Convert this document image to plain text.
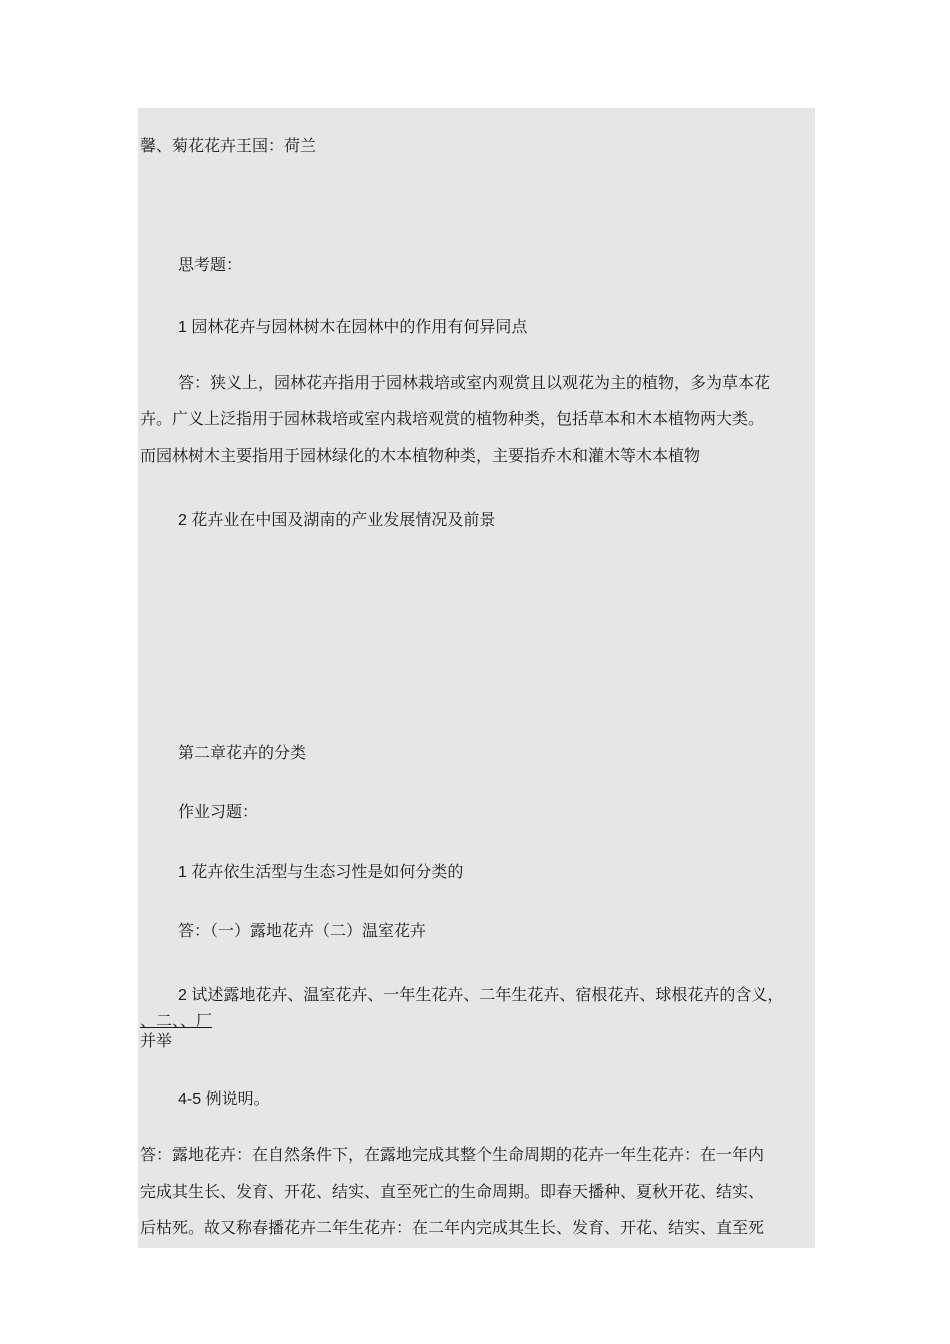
馨、菊花花卉王国：荷兰
思考题：
1 园林花卉与园林树木在园林中的作用有何异同点
答：狭义上，园林花卉指用于园林栽培或室内观赏且以观花为主的植物，多为草本花
卉。广义上泛指用于园林栽培或室内栽培观赏的植物种类，包括草本和木本植物两大类。
而园林树木主要指用于园林绿化的木本植物种类，主要指乔木和灌木等木本植物
2 花卉业在中国及湖南的产业发展情况及前景
第二章花卉的分类
作业习题：
1 花卉依生活型与生态习性是如何分类的
答：（一）露地花卉（二）温室花卉
2 试述露地花卉、温室花卉、一年生花卉、二年生花卉、宿根花卉、球根花卉的含义，
、二、、厂
并举
4-5 例说明。
答：露地花卉：在自然条件下，在露地完成其整个生命周期的花卉一年生花卉：在一年内
完成其生长、发育、开花、结实、直至死亡的生命周期。即春天播种、夏秋开花、结实、
后枯死。故又称春播花卉二年生花卉：在二年内完成其生长、发育、开花、结实、直至死
